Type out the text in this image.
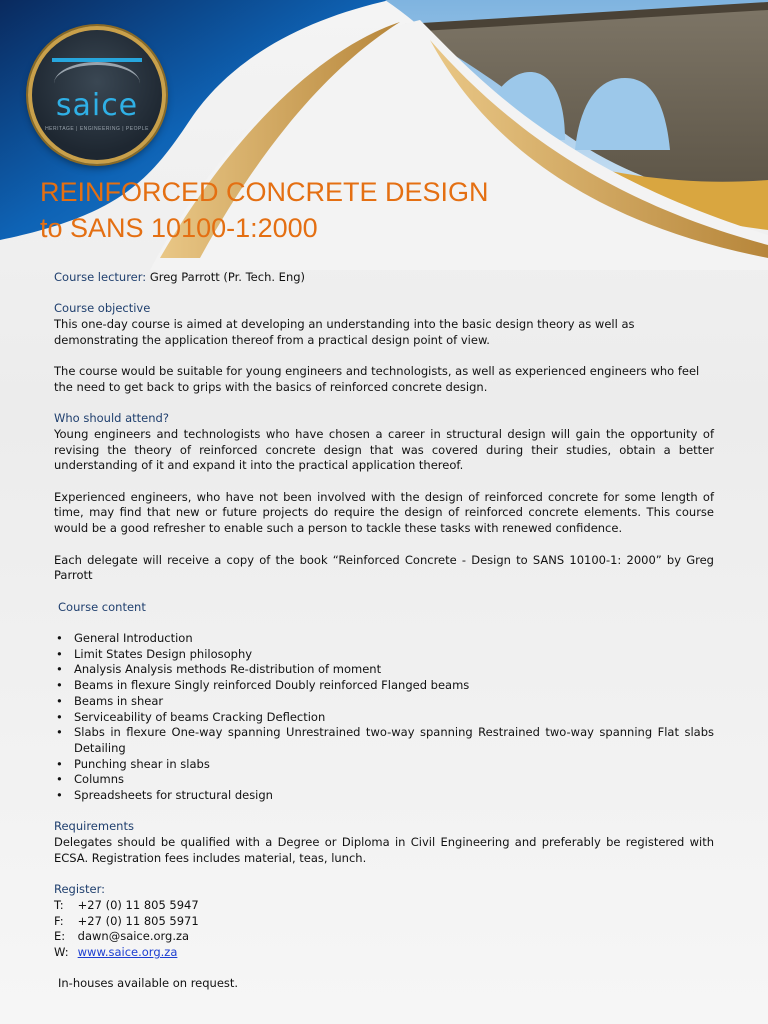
saice
HERITAGE | ENGINEERING | PEOPLE
REINFORCED CONCRETE DESIGN
to SANS 10100-1:2000

Course lecturer: Greg Parrott (Pr. Tech. Eng)

Course objective

This one-day course is aimed at developing an understanding into the basic design theory as well as demonstrating the application thereof from a practical design point of view.

The course would be suitable for young engineers and technologists, as well as experienced engineers who feel the need to get back to grips with the basics of reinforced concrete design.

Who should attend?

Young engineers and technologists who have chosen a career in structural design will gain the opportunity of revising the theory of reinforced concrete design that was covered during their studies, obtain a better understanding of it and expand it into the practical application thereof.

Experienced engineers, who have not been involved with the design of reinforced concrete for some length of time, may find that new or future projects do require the design of reinforced concrete elements. This course would be a good refresher to enable such a person to tackle these tasks with renewed confidence.

Each delegate will receive a copy of the book “Reinforced Concrete - Design to SANS 10100-1: 2000” by Greg Parrott

Course content

• General Introduction
• Limit States Design philosophy
• Analysis Analysis methods Re-distribution of moment
• Beams in flexure Singly reinforced Doubly reinforced Flanged beams
• Beams in shear
• Serviceability of beams Cracking Deflection
• Slabs in flexure One-way spanning Unrestrained two-way spanning Restrained two-way spanning Flat slabs Detailing
• Punching shear in slabs
• Columns
• Spreadsheets for structural design

Requirements

Delegates should be qualified with a Degree or Diploma in Civil Engineering and preferably be registered with ECSA. Registration fees includes material, teas, lunch.

Register:

T: +27 (0) 11 805 5947

F: +27 (0) 11 805 5971

E: dawn@saice.org.za

W: www.saice.org.za

In-houses available on request.
